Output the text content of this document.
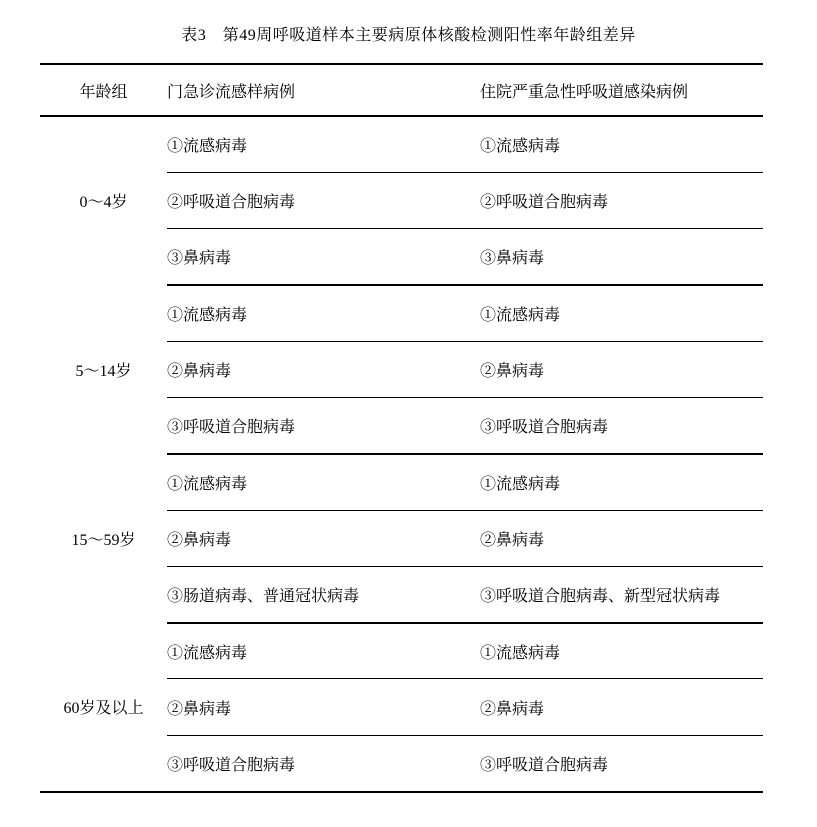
表3　第49周呼吸道样本主要病原体核酸检测阳性率年龄组差异
年龄组	门急诊流感样病例	住院严重急性呼吸道感染病例
0～4岁	①流感病毒	①流感病毒
	②呼吸道合胞病毒	②呼吸道合胞病毒
	③鼻病毒	③鼻病毒
5～14岁	①流感病毒	①流感病毒
	②鼻病毒	②鼻病毒
	③呼吸道合胞病毒	③呼吸道合胞病毒
15～59岁	①流感病毒	①流感病毒
	②鼻病毒	②鼻病毒
	③肠道病毒、普通冠状病毒	③呼吸道合胞病毒、新型冠状病毒
60岁及以上	①流感病毒	①流感病毒
	②鼻病毒	②鼻病毒
	③呼吸道合胞病毒	③呼吸道合胞病毒
